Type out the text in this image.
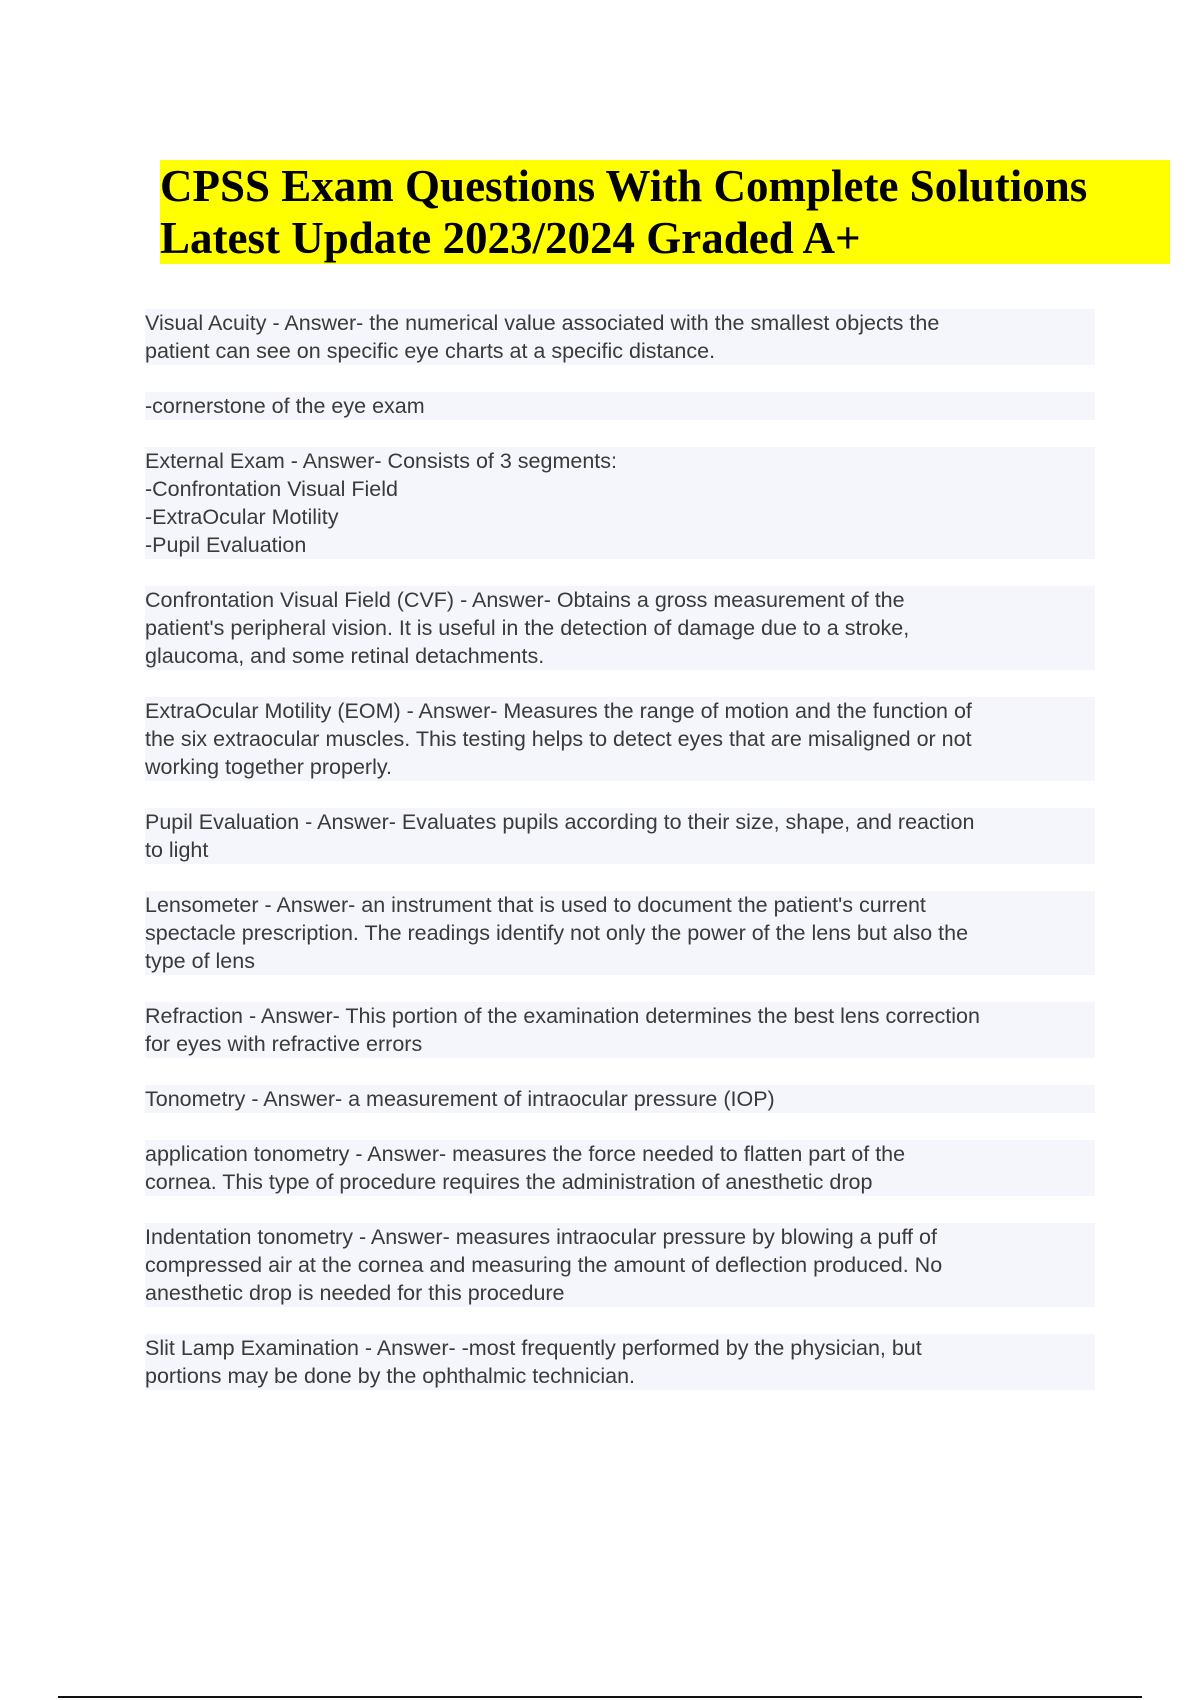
CPSS Exam Questions With Complete Solutions
Latest Update 2023/2024 Graded A+

Visual Acuity - Answer- the numerical value associated with the smallest objects the
patient can see on specific eye charts at a specific distance.

-cornerstone of the eye exam

External Exam - Answer- Consists of 3 segments:
-Confrontation Visual Field
-ExtraOcular Motility
-Pupil Evaluation

Confrontation Visual Field (CVF) - Answer- Obtains a gross measurement of the
patient's peripheral vision. It is useful in the detection of damage due to a stroke,
glaucoma, and some retinal detachments.

ExtraOcular Motility (EOM) - Answer- Measures the range of motion and the function of
the six extraocular muscles. This testing helps to detect eyes that are misaligned or not
working together properly.

Pupil Evaluation - Answer- Evaluates pupils according to their size, shape, and reaction
to light

Lensometer - Answer- an instrument that is used to document the patient's current
spectacle prescription. The readings identify not only the power of the lens but also the
type of lens

Refraction - Answer- This portion of the examination determines the best lens correction
for eyes with refractive errors

Tonometry - Answer- a measurement of intraocular pressure (IOP)

application tonometry - Answer- measures the force needed to flatten part of the
cornea. This type of procedure requires the administration of anesthetic drop

Indentation tonometry - Answer- measures intraocular pressure by blowing a puff of
compressed air at the cornea and measuring the amount of deflection produced. No
anesthetic drop is needed for this procedure

Slit Lamp Examination - Answer- -most frequently performed by the physician, but
portions may be done by the ophthalmic technician.
